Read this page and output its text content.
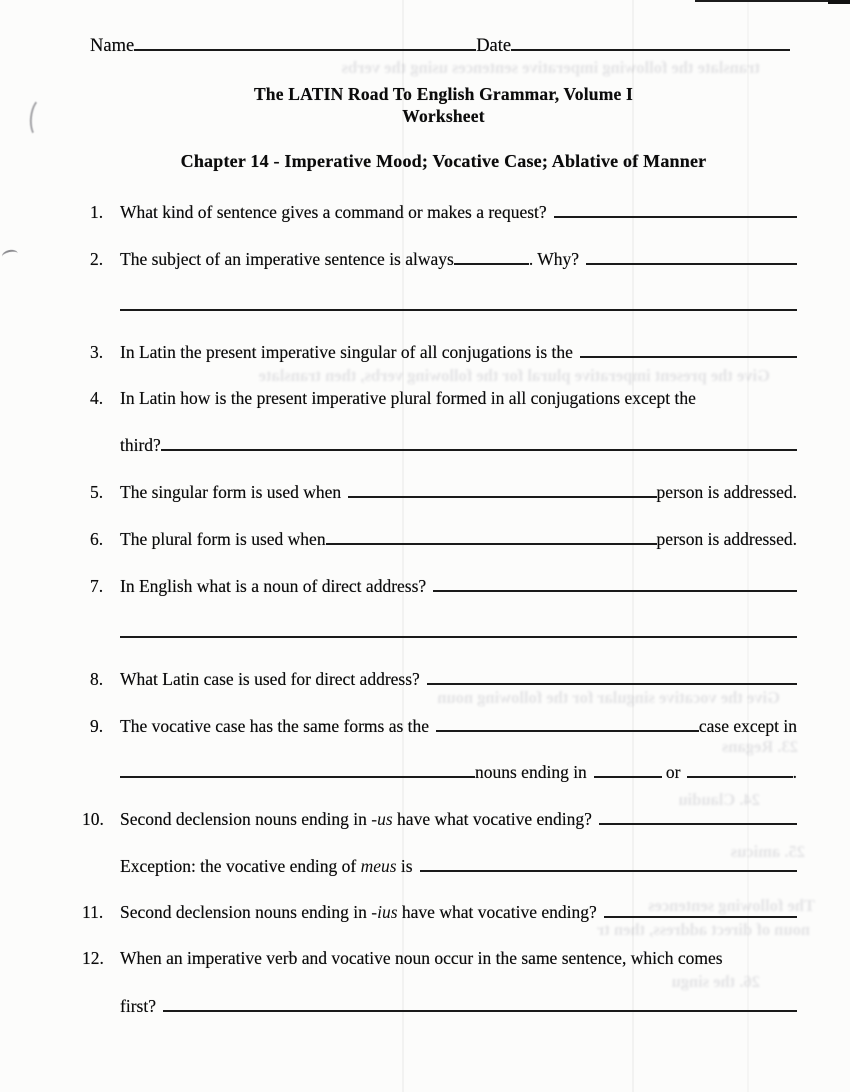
translate the following imperative sentences using the verbs
Give the present imperative plural for the following verbs, then translate
Give the vocative singular for the following noun
23. Regans
24. Claudiu
25. amicus
The following sentences
noun of direct address, then tr
26. the singu
Name	Date
The LATIN Road To English Grammar, Volume I
Worksheet
Chapter 14 - Imperative Mood; Vocative Case; Ablative of Manner
1. What kind of sentence gives a command or makes a request?
2. The subject of an imperative sentence is always	. Why?
3. In Latin the present imperative singular of all conjugations is the
4. In Latin how is the present imperative plural formed in all conjugations except the
third?
5. The singular form is used when	person is addressed.
6. The plural form is used when	person is addressed.
7. In English what is a noun of direct address?
8. What Latin case is used for direct address?
9. The vocative case has the same forms as the	case except in
nouns ending in	or	.
10. Second declension nouns ending in -us have what vocative ending?
Exception: the vocative ending of meus is
11. Second declension nouns ending in -ius have what vocative ending?
12. When an imperative verb and vocative noun occur in the same sentence, which comes
first?
